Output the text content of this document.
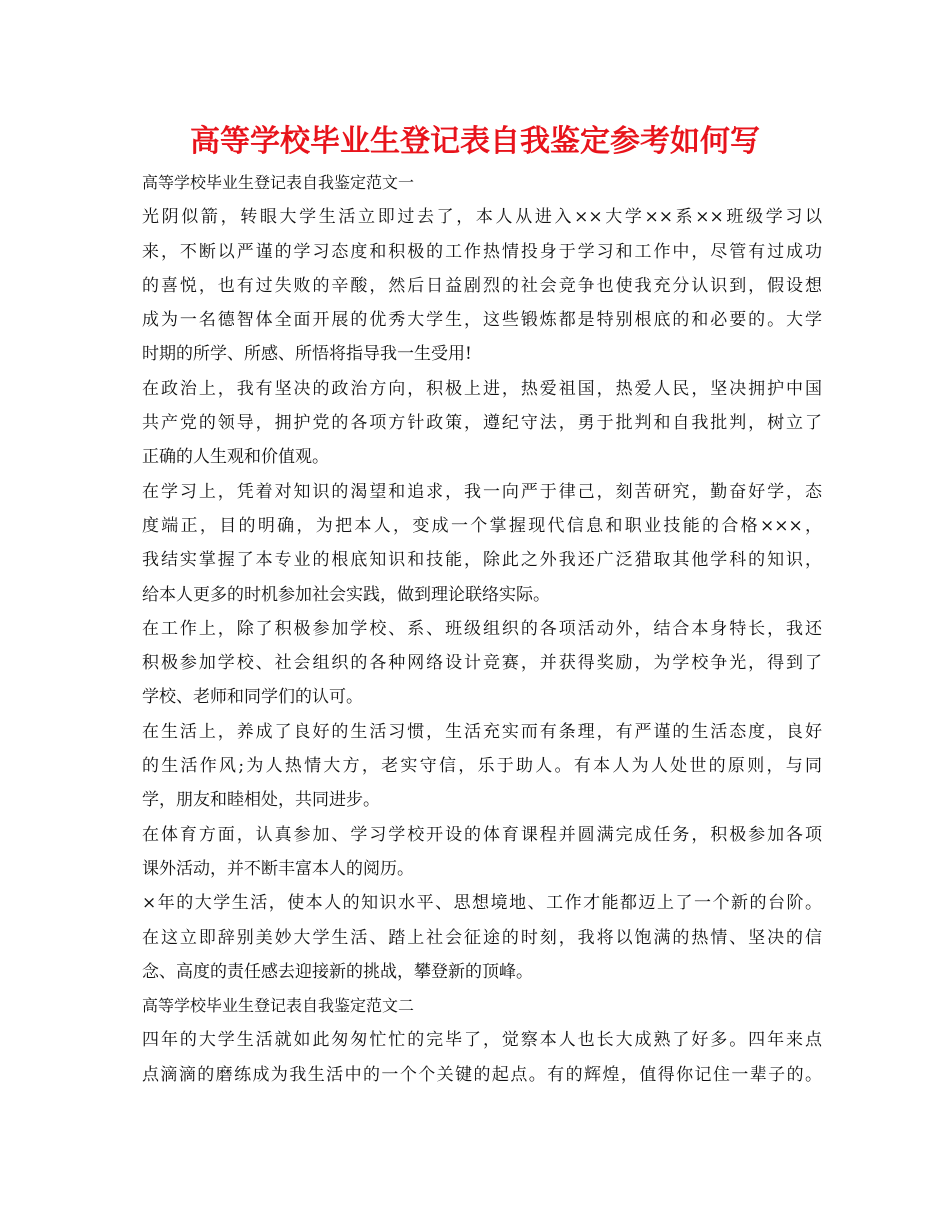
高等学校毕业生登记表自我鉴定参考如何写
高等学校毕业生登记表自我鉴定范文一
光阴似箭，转眼大学生活立即过去了，本人从进入××大学××系××班级学习以
来，不断以严谨的学习态度和积极的工作热情投身于学习和工作中，尽管有过成功
的喜悦，也有过失败的辛酸，然后日益剧烈的社会竞争也使我充分认识到，假设想
成为一名德智体全面开展的优秀大学生，这些锻炼都是特别根底的和必要的。大学
时期的所学、所感、所悟将指导我一生受用!
在政治上，我有坚决的政治方向，积极上进，热爱祖国，热爱人民，坚决拥护中国
共产党的领导，拥护党的各项方针政策，遵纪守法，勇于批判和自我批判，树立了
正确的人生观和价值观。
在学习上，凭着对知识的渴望和追求，我一向严于律己，刻苦研究，勤奋好学，态
度端正，目的明确，为把本人，变成一个掌握现代信息和职业技能的合格×××，
我结实掌握了本专业的根底知识和技能，除此之外我还广泛猎取其他学科的知识，
给本人更多的时机参加社会实践，做到理论联络实际。
在工作上，除了积极参加学校、系、班级组织的各项活动外，结合本身特长，我还
积极参加学校、社会组织的各种网络设计竞赛，并获得奖励，为学校争光，得到了
学校、老师和同学们的认可。
在生活上，养成了良好的生活习惯，生活充实而有条理，有严谨的生活态度，良好
的生活作风;为人热情大方，老实守信，乐于助人。有本人为人处世的原则，与同
学，朋友和睦相处，共同进步。
在体育方面，认真参加、学习学校开设的体育课程并圆满完成任务，积极参加各项
课外活动，并不断丰富本人的阅历。
×年的大学生活，使本人的知识水平、思想境地、工作才能都迈上了一个新的台阶。
在这立即辞别美妙大学生活、踏上社会征途的时刻，我将以饱满的热情、坚决的信
念、高度的责任感去迎接新的挑战，攀登新的顶峰。
高等学校毕业生登记表自我鉴定范文二
四年的大学生活就如此匆匆忙忙的完毕了，觉察本人也长大成熟了好多。四年来点
点滴滴的磨练成为我生活中的一个个关键的起点。有的辉煌，值得你记住一辈子的。
